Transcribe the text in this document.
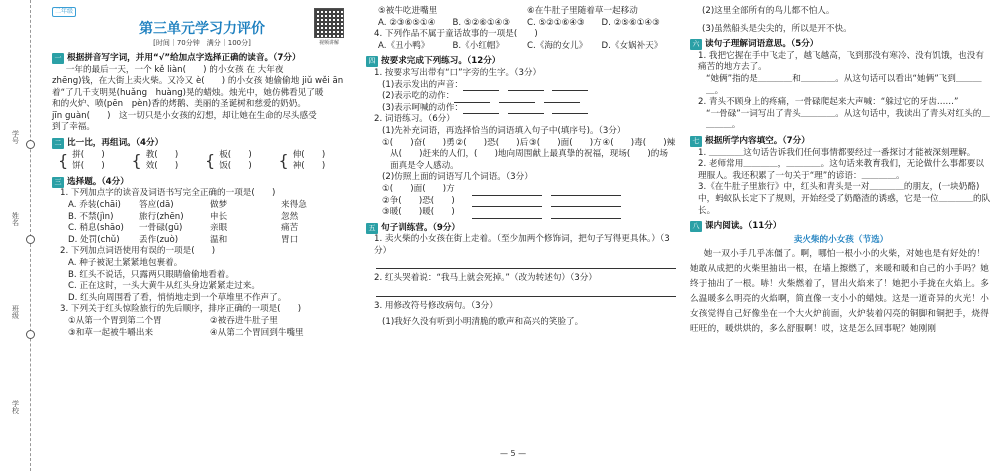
学号
姓名
班级
学校
二年级
第三单元学习力评价
[时间｜70分钟　满分｜100分]	视频讲解
一 根据拼音写字词，并用“√”给加点字选择正确的读音。（7分）
一年的最后一天，一个 kě liàn(　　) 的小女孩 在 大年夜
zhēng)钱，在大街上卖火柴。又冷又 è(　　) 的小女孩 她偷偷地 jiǔ wěi ān
着“了几千支明晃(huǎng　huàng)晃的蜡烛。烛光中，她仿佛看见了暖
和的火炉、喷(pēn　pèn)香的烤鹅、美丽的圣诞树和慈爱的奶奶。
jīn guàn(　　)　这一切只是小女孩的幻想，却让她在生命的尽头感受
到了幸福。
二 比一比，再组词。（4分）
{ 拼(　　)
饼(　　) { 教(　　)
效(　　) { 板(　　)
饭(　　) { 伸(　　)
神(　　)
三 选择题。（4分）
1. 下列加点字的读音及词语书写完全正确的一项是(　　)
A. 乔装(chāi)	答应(dā)	做梦	来得急
B. 不禁(jìn)	旅行(zhēn)	申长	忽然
C. 稍息(shāo)	一骨碌(gū)	亲眼	痛苦
D. 处罚(chǔ)	丢作(zuò)	温和	胃口
2. 下列加点词语使用有误的一项是(　　)
A. 种子被泥土紧紧地包裹着。
B. 红头不说话，只露两只眼睛偷偷地看着。
C. 正在这时，一头大黄牛从红头身边紧紧走过来。
D. 红头向周围看了看，悄悄地走到一个草堆里不作声了。
3. 下列关于红头惊险旅行的先后顺序，排序正确的一项是(　　)
①从第一个胃到第二个胃	②被吞进牛肚子里
③和草一起被牛嚼出来	④从第二个胃回到牛嘴里
⑤被牛吃进嘴里	⑥在牛肚子里随着草一起移动
A. ②③⑥⑤①④	B. ⑤②⑥①④③	C. ⑤②①⑥④③	D. ②⑤⑥①④③
4. 下列作品不属于童话故事的一项是(　　)
A.《丑小鸭》	B.《小红帽》	C.《海的女儿》	D.《女娲补天》
四 按要求完成下列练习。（12分）
1. 按要求写出带有“口”字旁的生字。（3分）
(1)表示发出的声音：　　
(2)表示吃的动作：　　
(3)表示呵喊的动作：　　
2. 词语练习。（6分）
(1)先补充词语，再选择恰当的词语填入句子中(填序号)。（3分）
①(　　)奋(　　)勇 ②(　　)恐(　　)后 ③(　　)面(　　)方 ④(　　)毒(　　)辣
从(　　)赶来的人们，(　　)地向周围献上最真挚的祝福，现场(　　)的场面真是令人感动。
(2)仿照上面的词语写几个词语。（3分）
①(　　)面(　　)方　　　
②争(　　)恐(　　)　　　
③暖(　　)暖(　　)　　　
五 句子训练营。（9分）
1. 卖火柴的小女孩在街上走着。（至少加两个修饰词，把句子写得更具体。）（3分）
2. 红头哭着说：“我马上就会死掉。”（改为转述句）（3分）
3. 用修改符号修改病句。（3分）
(1)我好久没有听到小明清脆的歌声和高兴的笑脸了。
(2)这里全部所有的鸟儿都不怕人。
(3)虽然船头是尖尖的，所以是开不快。
六 读句子理解词语意思。（5分）
1. 我把它握在手中飞走了，越飞越高，飞到那没有寒冷、没有饥饿，也没有痛苦的地方去了。
“她俩”指的是＿＿＿＿和＿＿＿＿。从这句话可以看出“她俩”飞到＿＿＿＿。
2. 青头不顾身上的疼痛，一骨碌爬起来大声喊：“躲过它的牙齿……”
“一骨碌”一词写出了青头＿＿＿＿。从这句话中，我读出了青头对红头的＿＿＿＿。
七 根据所学内容填空。（7分）
1. ＿＿＿＿这句话告诉我们任何事情都要经过一番探讨才能被深刻理解。
2. 老师常用＿＿＿＿，＿＿＿＿。这句话来教育我们，无论做什么事都要以理服人。我还积累了一句关于“理”的谚语：＿＿＿＿。
3.《在牛肚子里旅行》中，红头和青头是一对＿＿＿＿的朋友，(一块奶酪)中，蚂蚁队长定下了规则，开始经受了奶酪渣的诱惑，它是一位＿＿＿＿的队长。
八 课内阅读。（11分）
卖火柴的小女孩（节选）
她一双小手几乎冻僵了。啊，哪怕一根小小的火柴，对她也是有好处的！她敢从成把的火柴里抽出一根，在墙上擦燃了，来暖和暖和自己的小手吗？她终于抽出了一根。哧！火柴燃着了，冒出火焰来了！她把小手拢在火焰上。多么温暖多么明亮的火焰啊，简直像一支小小的蜡烛。这是一道奇异的火光！小女孩觉得自己好像坐在一个大火炉前面，火炉装着闪亮的铜脚和铜把手，烧得旺旺的，暖烘烘的，多么舒服啊！哎，这是怎么回事呢？她刚刚
— 5 —
